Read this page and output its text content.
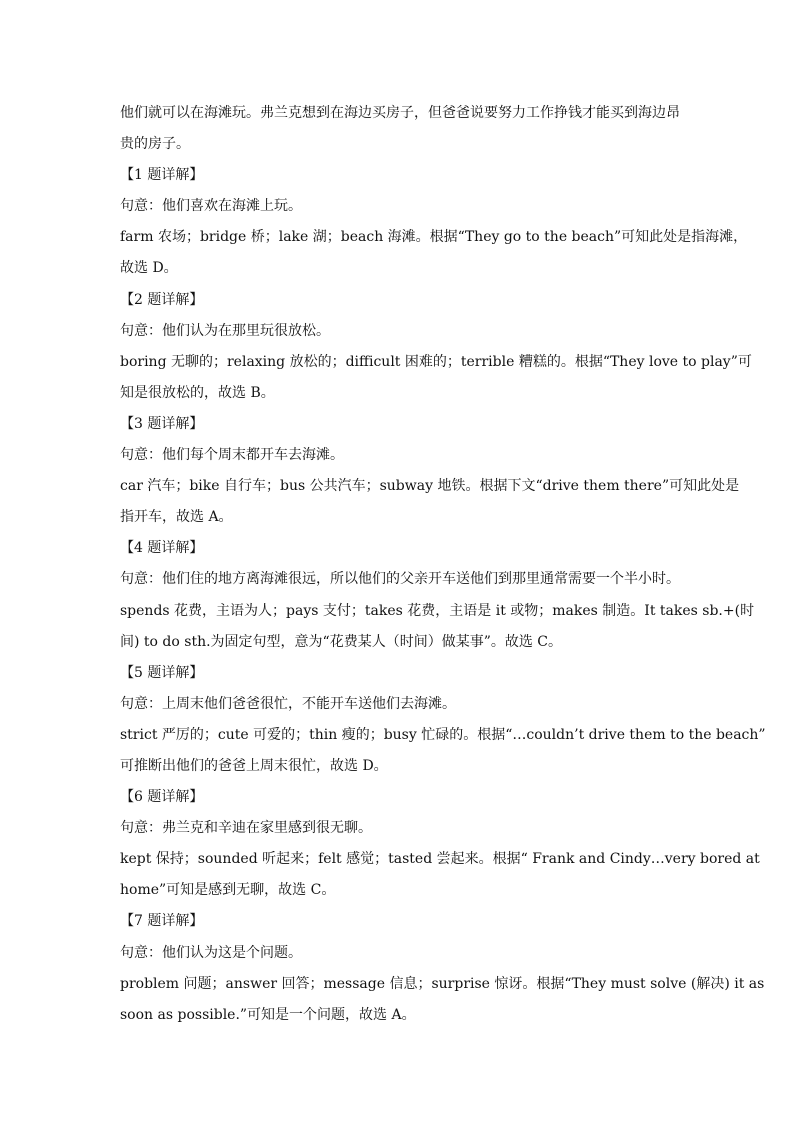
他们就可以在海滩玩。弗兰克想到在海边买房子，但爸爸说要努力工作挣钱才能买到海边昂
贵的房子。
【1 题详解】
句意：他们喜欢在海滩上玩。
farm 农场；bridge 桥；lake 湖；beach 海滩。根据“They go to the beach”可知此处是指海滩，
故选 D。
【2 题详解】
句意：他们认为在那里玩很放松。
boring 无聊的；relaxing 放松的；difficult 困难的；terrible 糟糕的。根据“They love to play”可
知是很放松的，故选 B。
【3 题详解】
句意：他们每个周末都开车去海滩。
car 汽车；bike 自行车；bus 公共汽车；subway 地铁。根据下文“drive them there”可知此处是
指开车，故选 A。
【4 题详解】
句意：他们住的地方离海滩很远，所以他们的父亲开车送他们到那里通常需要一个半小时。
spends 花费，主语为人；pays 支付；takes 花费，主语是 it 或物；makes 制造。It takes sb.+(时
间) to do sth.为固定句型，意为“花费某人（时间）做某事”。故选 C。
【5 题详解】
句意：上周末他们爸爸很忙，不能开车送他们去海滩。
strict 严厉的；cute 可爱的；thin 瘦的；busy 忙碌的。根据“…couldn’t drive them to the beach”
可推断出他们的爸爸上周末很忙，故选 D。
【6 题详解】
句意：弗兰克和辛迪在家里感到很无聊。
kept 保持；sounded 听起来；felt 感觉；tasted 尝起来。根据“ Frank and Cindy…very bored at
home”可知是感到无聊，故选 C。
【7 题详解】
句意：他们认为这是个问题。
problem 问题；answer 回答；message 信息；surprise 惊讶。根据“They must solve (解决) it as
soon as possible.”可知是一个问题，故选 A。
